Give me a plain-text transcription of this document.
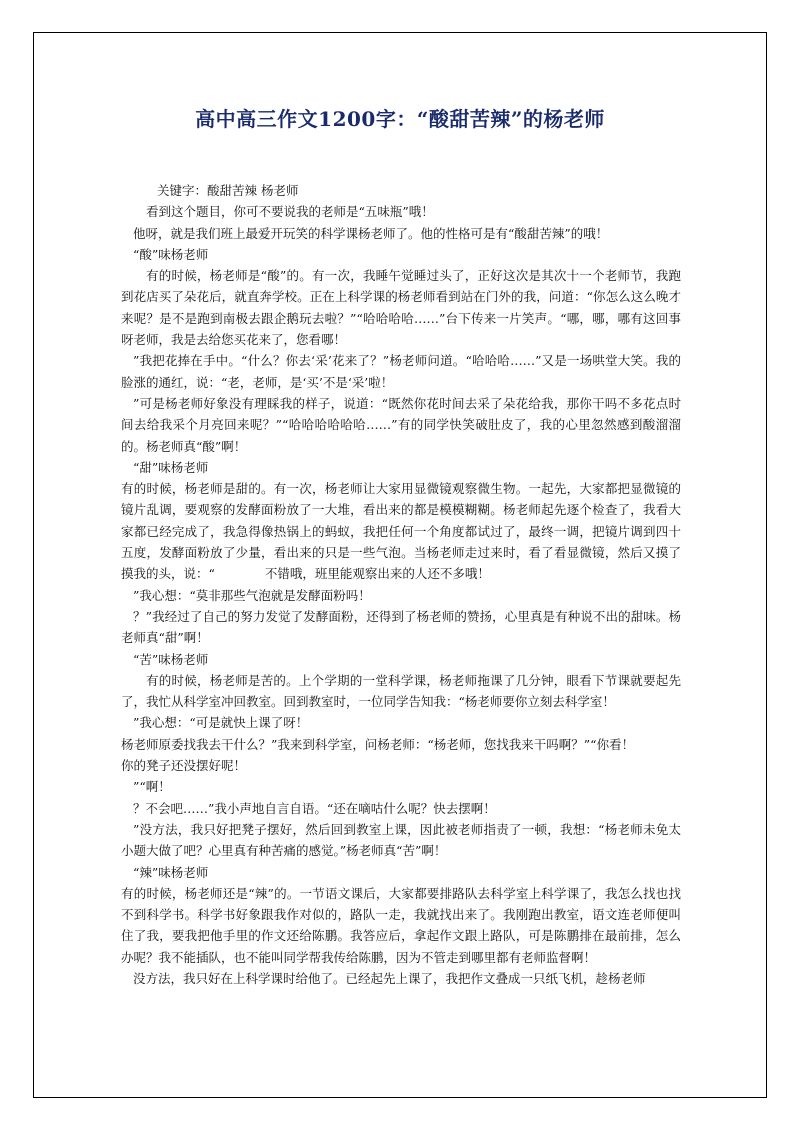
高中高三作文1200字：“酸甜苦辣”的杨老师

关键字：酸甜苦辣 杨老师

看到这个题目，你可不要说我的老师是“五味瓶”哦！

他呀，就是我们班上最爱开玩笑的科学课杨老师了。他的性格可是有“酸甜苦辣”的哦！

“酸”味杨老师

有的时候，杨老师是“酸”的。有一次，我睡午觉睡过头了，正好这次是其次十一个老师节，我跑到花店买了朵花后，就直奔学校。正在上科学课的杨老师看到站在门外的我，问道：“你怎么这么晚才来呢？是不是跑到南极去跟企鹅玩去啦？”“哈哈哈哈……”台下传来一片笑声。“哪，哪，哪有这回事呀老师，我是去给您买花来了，您看哪！

”我把花捧在手中。“什么？你去‘采’花来了？”杨老师问道。“哈哈哈……”又是一场哄堂大笑。我的脸涨的通红，说：“老，老师，是‘买’不是‘采’啦！

”可是杨老师好象没有理睬我的样子，说道：“既然你花时间去采了朵花给我，那你干吗不多花点时间去给我采个月亮回来呢？”“哈哈哈哈哈哈……”有的同学快笑破肚皮了，我的心里忽然感到酸溜溜的。杨老师真“酸”啊！

“甜”味杨老师

有的时候，杨老师是甜的。有一次，杨老师让大家用显微镜观察微生物。一起先，大家都把显微镜的镜片乱调，要观察的发酵面粉放了一大堆，看出来的都是模模糊糊。杨老师起先逐个检查了，我看大家都已经完成了，我急得像热锅上的蚂蚁，我把任何一个角度都试过了，最终一调，把镜片调到四十五度，发酵面粉放了少量，看出来的只是一些气泡。当杨老师走过来时，看了看显微镜，然后又摸了摸我的头，说：“　　　　不错哦，班里能观察出来的人还不多哦！

”我心想：“莫非那些气泡就是发酵面粉吗！

？”我经过了自己的努力发觉了发酵面粉，还得到了杨老师的赞扬，心里真是有种说不出的甜味。杨老师真“甜”啊！

“苦”味杨老师

有的时候，杨老师是苦的。上个学期的一堂科学课，杨老师拖课了几分钟，眼看下节课就要起先了，我忙从科学室冲回教室。回到教室时，一位同学告知我：“杨老师要你立刻去科学室！

”我心想：“可是就快上课了呀！

杨老师原委找我去干什么？”我来到科学室，问杨老师：“杨老师，您找我来干吗啊？”“你看！

你的凳子还没摆好呢！

”“啊！

？不会吧……”我小声地自言自语。“还在嘀咕什么呢？快去摆啊！

”没方法，我只好把凳子摆好，然后回到教室上课，因此被老师指责了一顿，我想：“杨老师未免太小题大做了吧？心里真有种苦痛的感觉。”杨老师真“苦”啊！

“辣”味杨老师

有的时候，杨老师还是“辣”的。一节语文课后，大家都要排路队去科学室上科学课了，我怎么找也找不到科学书。科学书好象跟我作对似的，路队一走，我就找出来了。我刚跑出教室，语文连老师便叫住了我，要我把他手里的作文还给陈鹏。我答应后，拿起作文跟上路队，可是陈鹏排在最前排，怎么办呢？我不能插队，也不能叫同学帮我传给陈鹏，因为不管走到哪里都有老师监督啊！

没方法，我只好在上科学课时给他了。已经起先上课了，我把作文叠成一只纸飞机，趁杨老师
